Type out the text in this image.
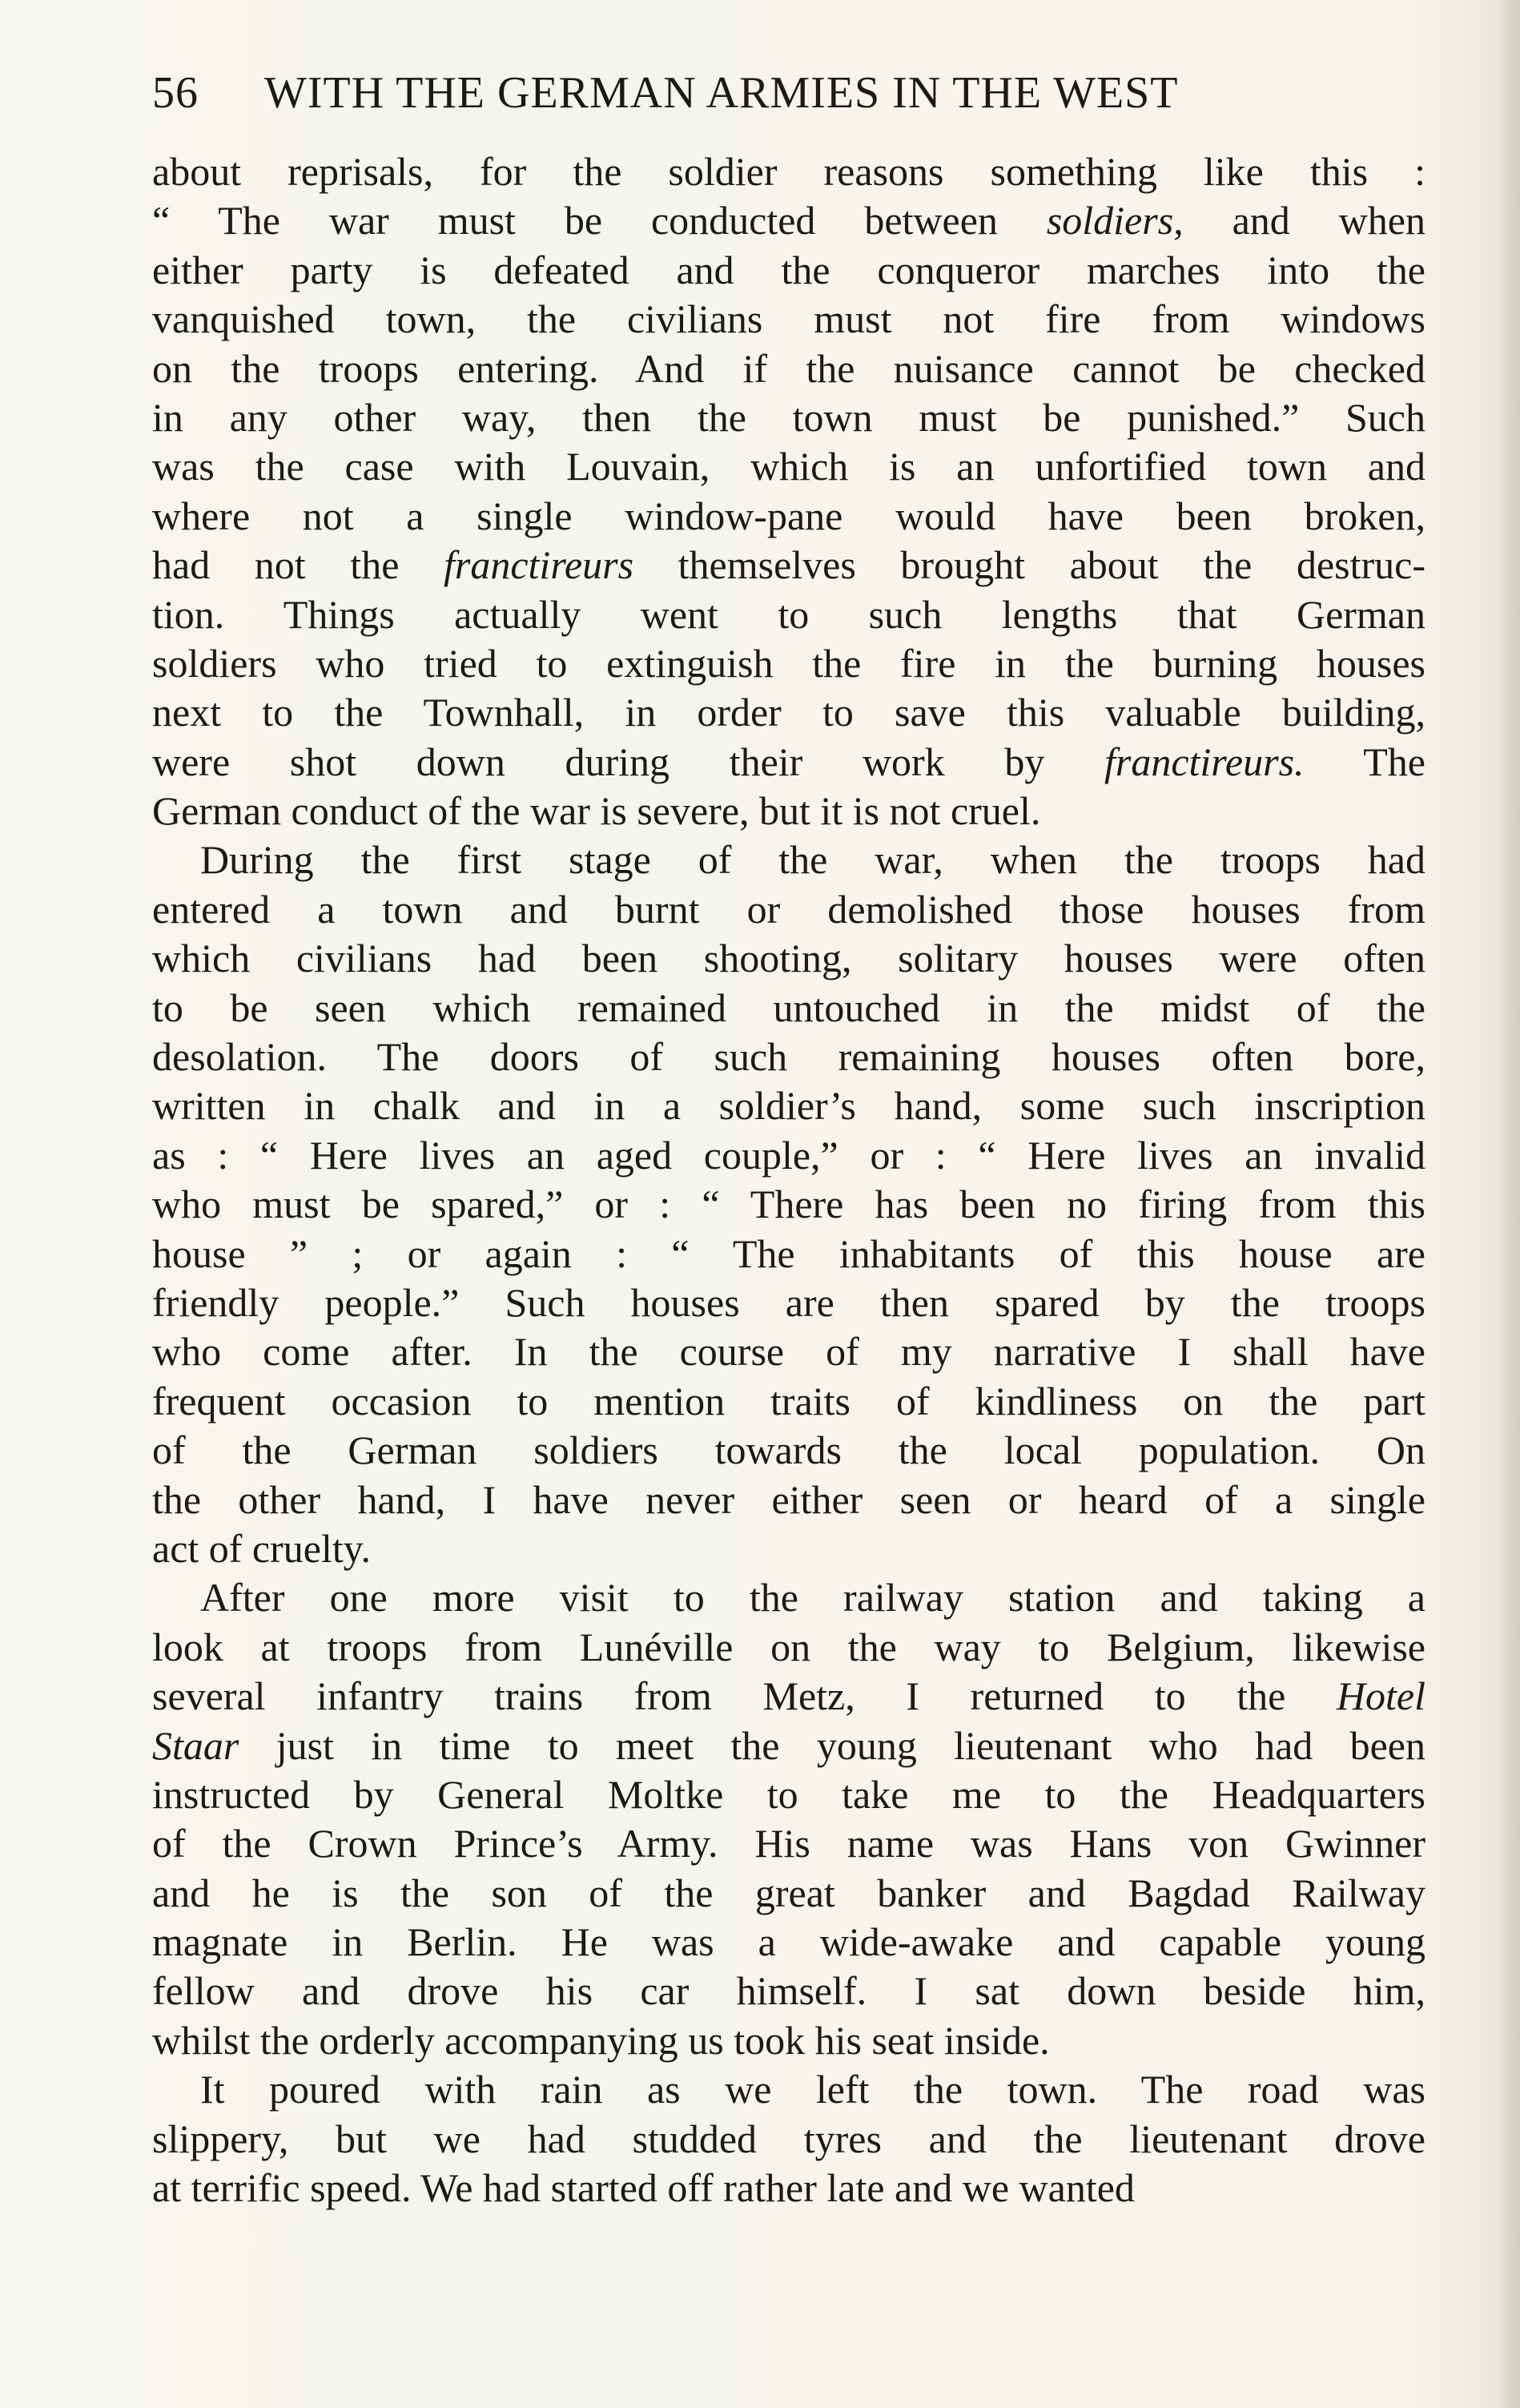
56 WITH THE GERMAN ARMIES IN THE WEST
about reprisals, for the soldier reasons something like this :
“ The war must be conducted between soldiers, and when
either party is defeated and the conqueror marches into the
vanquished town, the civilians must not fire from windows
on the troops entering. And if the nuisance cannot be checked
in any other way, then the town must be punished.” Such
was the case with Louvain, which is an unfortified town and
where not a single window-pane would have been broken,
had not the franctireurs themselves brought about the destruc-
tion. Things actually went to such lengths that German
soldiers who tried to extinguish the fire in the burning houses
next to the Townhall, in order to save this valuable building,
were shot down during their work by franctireurs. The
German conduct of the war is severe, but it is not cruel.
During the first stage of the war, when the troops had
entered a town and burnt or demolished those houses from
which civilians had been shooting, solitary houses were often
to be seen which remained untouched in the midst of the
desolation. The doors of such remaining houses often bore,
written in chalk and in a soldier’s hand, some such inscription
as : “ Here lives an aged couple,” or : “ Here lives an invalid
who must be spared,” or : “ There has been no firing from this
house ” ; or again : “ The inhabitants of this house are
friendly people.” Such houses are then spared by the troops
who come after. In the course of my narrative I shall have
frequent occasion to mention traits of kindliness on the part
of the German soldiers towards the local population. On
the other hand, I have never either seen or heard of a single
act of cruelty.
After one more visit to the railway station and taking a
look at troops from Lunéville on the way to Belgium, likewise
several infantry trains from Metz, I returned to the Hotel
Staar just in time to meet the young lieutenant who had been
instructed by General Moltke to take me to the Headquarters
of the Crown Prince’s Army. His name was Hans von Gwinner
and he is the son of the great banker and Bagdad Railway
magnate in Berlin. He was a wide-awake and capable young
fellow and drove his car himself. I sat down beside him,
whilst the orderly accompanying us took his seat inside.
It poured with rain as we left the town. The road was
slippery, but we had studded tyres and the lieutenant drove
at terrific speed. We had started off rather late and we wanted
